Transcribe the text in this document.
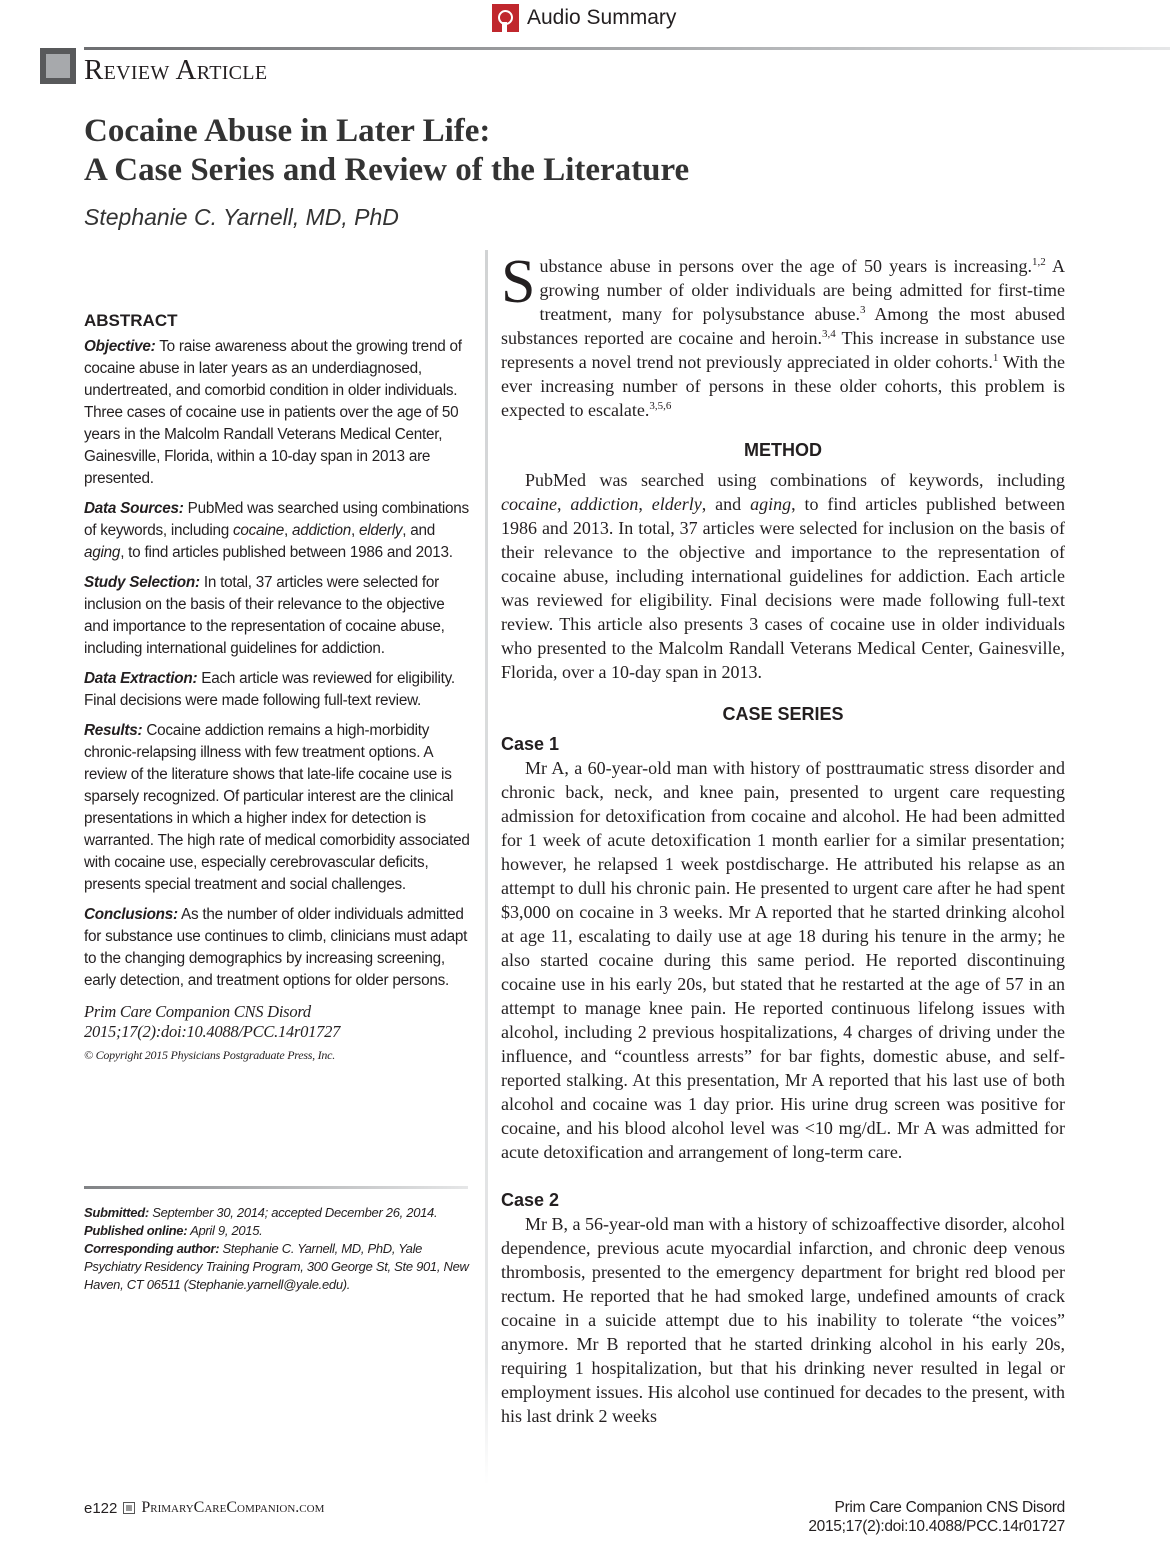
Audio Summary
Review Article
Cocaine Abuse in Later Life:
A Case Series and Review of the Literature
Stephanie C. Yarnell, MD, PhD
ABSTRACT

Objective: To raise awareness about the growing trend of cocaine abuse in later years as an underdiagnosed, undertreated, and comorbid condition in older individuals. Three cases of cocaine use in patients over the age of 50 years in the Malcolm Randall Veterans Medical Center, Gainesville, Florida, within a 10-day span in 2013 are presented.

Data Sources: PubMed was searched using combinations of keywords, including cocaine, addiction, elderly, and aging, to find articles published between 1986 and 2013.

Study Selection: In total, 37 articles were selected for inclusion on the basis of their relevance to the objective and importance to the representation of cocaine abuse, including international guidelines for addiction.

Data Extraction: Each article was reviewed for eligibility. Final decisions were made following full-text review.

Results: Cocaine addiction remains a high-morbidity chronic-relapsing illness with few treatment options. A review of the literature shows that late-life cocaine use is sparsely recognized. Of particular interest are the clinical presentations in which a higher index for detection is warranted. The high rate of medical comorbidity associated with cocaine use, especially cerebrovascular deficits, presents special treatment and social challenges.

Conclusions: As the number of older individuals admitted for substance use continues to climb, clinicians must adapt to the changing demographics by increasing screening, early detection, and treatment options for older persons.

Prim Care Companion CNS Disord
2015;17(2):doi:10.4088/PCC.14r01727
© Copyright 2015 Physicians Postgraduate Press, Inc.
Submitted: September 30, 2014; accepted December 26, 2014.
Published online: April 9, 2015.
Corresponding author: Stephanie C. Yarnell, MD, PhD, Yale Psychiatry Residency Training Program, 300 George St, Ste 901, New Haven, CT 06511 (Stephanie.yarnell@yale.edu).

Substance abuse in persons over the age of 50 years is increasing.$^{1,2}$ A growing number of older individuals are being admitted for first-time treatment, many for polysubstance abuse.$^3$ Among the most abused substances reported are cocaine and heroin.$^{3,4}$ This increase in substance use represents a novel trend not previously appreciated in older cohorts.$^1$ With the ever increasing number of persons in these older cohorts, this problem is expected to escalate.$^{3,5,6}$

METHOD

PubMed was searched using combinations of keywords, including cocaine, addiction, elderly, and aging, to find articles published between 1986 and 2013. In total, 37 articles were selected for inclusion on the basis of their relevance to the objective and importance to the representation of cocaine abuse, including international guidelines for addiction. Each article was reviewed for eligibility. Final decisions were made following full-text review. This article also presents 3 cases of cocaine use in older individuals who presented to the Malcolm Randall Veterans Medical Center, Gainesville, Florida, over a 10-day span in 2013.

CASE SERIES
Case 1

Mr A, a 60-year-old man with history of posttraumatic stress disorder and chronic back, neck, and knee pain, presented to urgent care requesting admission for detoxification from cocaine and alcohol. He had been admitted for 1 week of acute detoxification 1 month earlier for a similar presentation; however, he relapsed 1 week postdischarge. He attributed his relapse as an attempt to dull his chronic pain. He presented to urgent care after he had spent $3,000 on cocaine in 3 weeks. Mr A reported that he started drinking alcohol at age 11, escalating to daily use at age 18 during his tenure in the army; he also started cocaine during this same period. He reported discontinuing cocaine use in his early 20s, but stated that he restarted at the age of 57 in an attempt to manage knee pain. He reported continuous lifelong issues with alcohol, including 2 previous hospitalizations, 4 charges of driving under the influence, and “countless arrests” for bar fights, domestic abuse, and self-reported stalking. At this presentation, Mr A reported that his last use of both alcohol and cocaine was 1 day prior. His urine drug screen was positive for cocaine, and his blood alcohol level was <10 mg/dL. Mr A was admitted for acute detoxification and arrangement of long-term care.

Case 2

Mr B, a 56-year-old man with a history of schizoaffective disorder, alcohol dependence, previous acute myocardial infarction, and chronic deep venous thrombosis, presented to the emergency department for bright red blood per rectum. He reported that he had smoked large, undefined amounts of crack cocaine in a suicide attempt due to his inability to tolerate “the voices” anymore. Mr B reported that he started drinking alcohol in his early 20s, requiring 1 hospitalization, but that his drinking never resulted in legal or employment issues. His alcohol use continued for decades to the present, with his last drink 2 weeks

e122 PrimaryCareCompanion.com	Prim Care Companion CNS Disord
2015;17(2):doi:10.4088/PCC.14r01727
